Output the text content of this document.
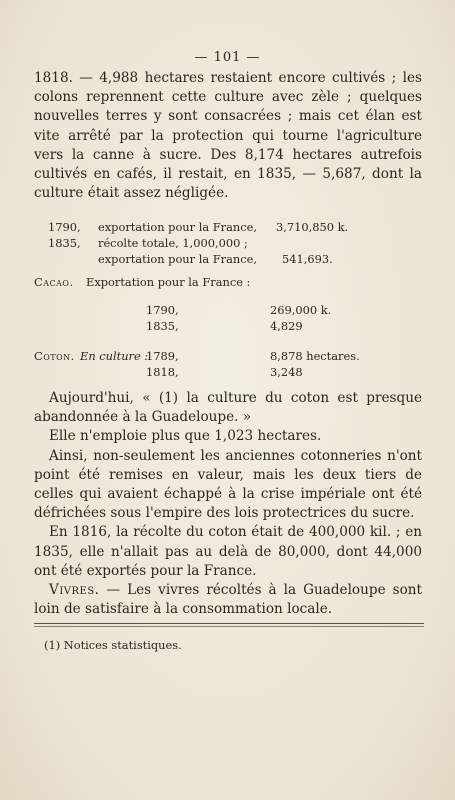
— 101 —

1818. — 4,988 hectares restaient encore cultivés ; les colons reprennent cette culture avec zèle ; quelques nouvelles terres y sont consacrées ; mais cet élan est vite arrêté par la protection qui tourne l'agriculture vers la canne à sucre. Des 8,174 hectares autrefois cultivés en cafés, il restait, en 1835, — 5,687, dont la culture était assez négligée.

1790, exportation pour la France, 3,710,850 k.
1835, récolte totale, 1,000,000 ;
exportation pour la France, 541,693.
Cacao. Exportation pour la France :
1790,	269,000 k.
1835,	4,829
Coton. En culture :
1789,	8,878 hectares.
1818,	3,248

Aujourd'hui, « (1) la culture du coton est presque abandonnée à la Guadeloupe. »

Elle n'emploie plus que 1,023 hectares.

Ainsi, non-seulement les anciennes cotonneries n'ont point été remises en valeur, mais les deux tiers de celles qui avaient échappé à la crise impériale ont été défrichées sous l'empire des lois protectrices du sucre.

En 1816, la récolte du coton était de 400,000 kil. ; en 1835, elle n'allait pas au delà de 80,000, dont 44,000 ont été exportés pour la France.

Vivres. — Les vivres récoltés à la Guadeloupe sont loin de satisfaire à la consommation locale.

(1) Notices statistiques.
